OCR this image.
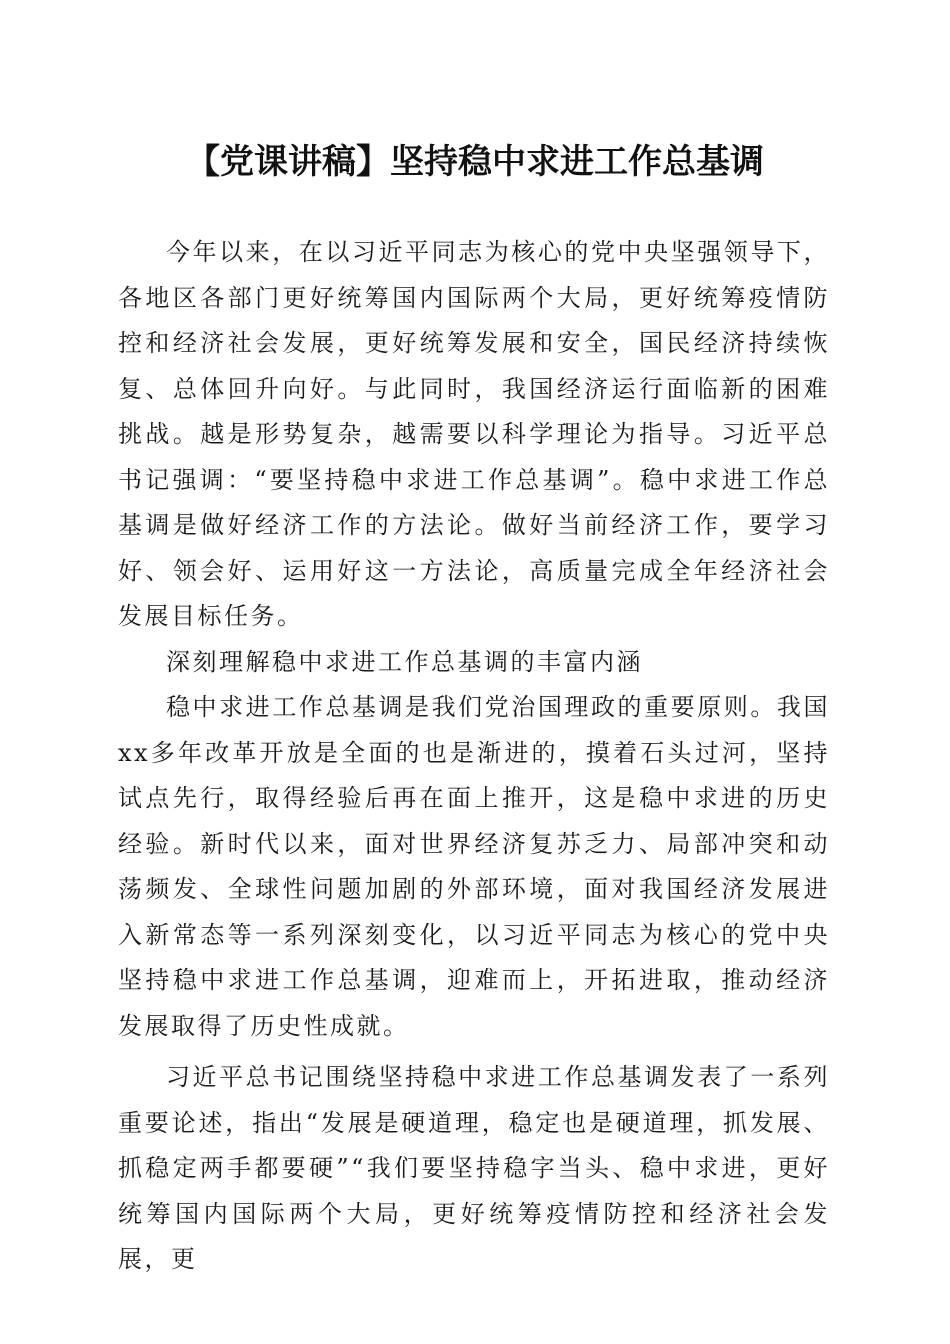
【党课讲稿】坚持稳中求进工作总基调

今年以来，在以习近平同志为核心的党中央坚强领导下，各地区各部门更好统筹国内国际两个大局，更好统筹疫情防控和经济社会发展，更好统筹发展和安全，国民经济持续恢复、总体回升向好。与此同时，我国经济运行面临新的困难挑战。越是形势复杂，越需要以科学理论为指导。习近平总书记强调：“要坚持稳中求进工作总基调”。稳中求进工作总基调是做好经济工作的方法论。做好当前经济工作，要学习好、领会好、运用好这一方法论，高质量完成全年经济社会发展目标任务。

深刻理解稳中求进工作总基调的丰富内涵

稳中求进工作总基调是我们党治国理政的重要原则。我国xx多年改革开放是全面的也是渐进的，摸着石头过河，坚持试点先行，取得经验后再在面上推开，这是稳中求进的历史经验。新时代以来，面对世界经济复苏乏力、局部冲突和动荡频发、全球性问题加剧的外部环境，面对我国经济发展进入新常态等一系列深刻变化，以习近平同志为核心的党中央坚持稳中求进工作总基调，迎难而上，开拓进取，推动经济发展取得了历史性成就。

习近平总书记围绕坚持稳中求进工作总基调发表了一系列重要论述，指出“发展是硬道理，稳定也是硬道理，抓发展、抓稳定两手都要硬”“我们要坚持稳字当头、稳中求进，更好统筹国内国际两个大局，更好统筹疫情防控和经济社会发展，更
